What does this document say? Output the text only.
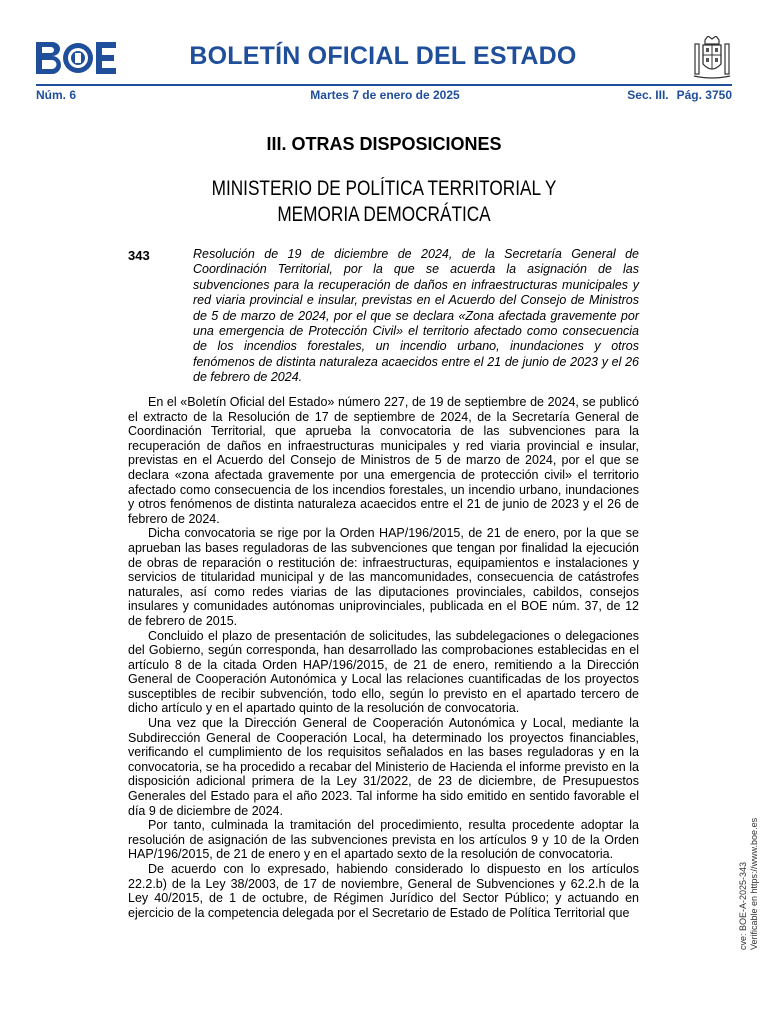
BOLETÍN OFICIAL DEL ESTADO
Núm. 6	Martes 7 de enero de 2025	Sec. III. Pág. 3750
III. OTRAS DISPOSICIONES
MINISTERIO DE POLÍTICA TERRITORIAL Y MEMORIA DEMOCRÁTICA
343	Resolución de 19 de diciembre de 2024, de la Secretaría General de Coordinación Territorial, por la que se acuerda la asignación de las subvenciones para la recuperación de daños en infraestructuras municipales y red viaria provincial e insular, previstas en el Acuerdo del Consejo de Ministros de 5 de marzo de 2024, por el que se declara «Zona afectada gravemente por una emergencia de Protección Civil» el territorio afectado como consecuencia de los incendios forestales, un incendio urbano, inundaciones y otros fenómenos de distinta naturaleza acaecidos entre el 21 de junio de 2023 y el 26 de febrero de 2024.

En el «Boletín Oficial del Estado» número 227, de 19 de septiembre de 2024, se publicó el extracto de la Resolución de 17 de septiembre de 2024, de la Secretaría General de Coordinación Territorial, que aprueba la convocatoria de las subvenciones para la recuperación de daños en infraestructuras municipales y red viaria provincial e insular, previstas en el Acuerdo del Consejo de Ministros de 5 de marzo de 2024, por el que se declara «zona afectada gravemente por una emergencia de protección civil» el territorio afectado como consecuencia de los incendios forestales, un incendio urbano, inundaciones y otros fenómenos de distinta naturaleza acaecidos entre el 21 de junio de 2023 y el 26 de febrero de 2024.

Dicha convocatoria se rige por la Orden HAP/196/2015, de 21 de enero, por la que se aprueban las bases reguladoras de las subvenciones que tengan por finalidad la ejecución de obras de reparación o restitución de: infraestructuras, equipamientos e instalaciones y servicios de titularidad municipal y de las mancomunidades, consecuencia de catástrofes naturales, así como redes viarias de las diputaciones provinciales, cabildos, consejos insulares y comunidades autónomas uniprovinciales, publicada en el BOE núm. 37, de 12 de febrero de 2015.

Concluido el plazo de presentación de solicitudes, las subdelegaciones o delegaciones del Gobierno, según corresponda, han desarrollado las comprobaciones establecidas en el artículo 8 de la citada Orden HAP/196/2015, de 21 de enero, remitiendo a la Dirección General de Cooperación Autonómica y Local las relaciones cuantificadas de los proyectos susceptibles de recibir subvención, todo ello, según lo previsto en el apartado tercero de dicho artículo y en el apartado quinto de la resolución de convocatoria.

Una vez que la Dirección General de Cooperación Autonómica y Local, mediante la Subdirección General de Cooperación Local, ha determinado los proyectos financiables, verificando el cumplimiento de los requisitos señalados en las bases reguladoras y en la convocatoria, se ha procedido a recabar del Ministerio de Hacienda el informe previsto en la disposición adicional primera de la Ley 31/2022, de 23 de diciembre, de Presupuestos Generales del Estado para el año 2023. Tal informe ha sido emitido en sentido favorable el día 9 de diciembre de 2024.

Por tanto, culminada la tramitación del procedimiento, resulta procedente adoptar la resolución de asignación de las subvenciones prevista en los artículos 9 y 10 de la Orden HAP/196/2015, de 21 de enero y en el apartado sexto de la resolución de convocatoria.

De acuerdo con lo expresado, habiendo considerado lo dispuesto en los artículos 22.2.b) de la Ley 38/2003, de 17 de noviembre, General de Subvenciones y 62.2.h de la Ley 40/2015, de 1 de octubre, de Régimen Jurídico del Sector Público; y actuando en ejercicio de la competencia delegada por el Secretario de Estado de Política Territorial que	cve: BOE-A-2025-343 Verificable en https://www.boe.es
